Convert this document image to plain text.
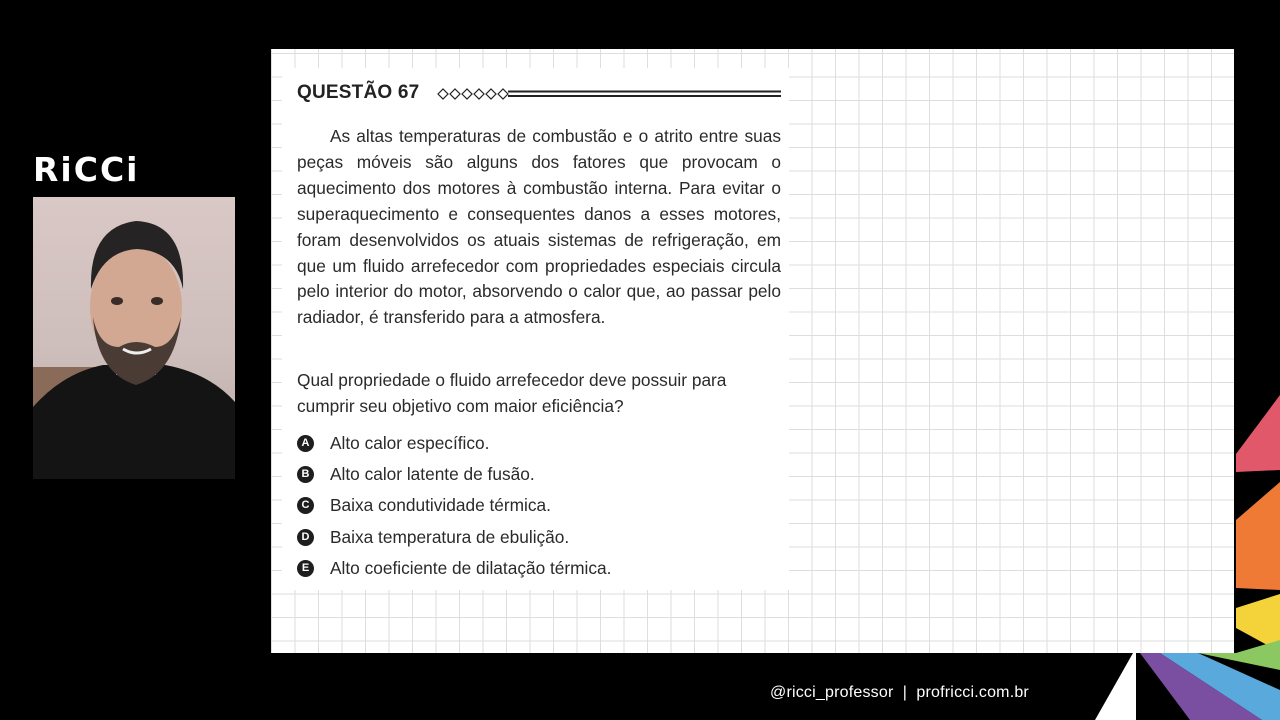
RiCCi
QUESTÃO 67

As altas temperaturas de combustão e o atrito entre suas peças móveis são alguns dos fatores que provocam o aquecimento dos motores à combustão interna. Para evitar o superaquecimento e consequentes danos a esses motores, foram desenvolvidos os atuais sistemas de refrigeração, em que um fluido arrefecedor com propriedades especiais circula pelo interior do motor, absorvendo o calor que, ao passar pelo radiador, é transferido para a atmosfera.

Qual propriedade o fluido arrefecedor deve possuir para cumprir seu objetivo com maior eficiência?

A Alto calor específico.
B Alto calor latente de fusão.
C Baixa condutividade térmica.
D Baixa temperatura de ebulição.
E Alto coeficiente de dilatação térmica.
@ricci_professor  |  profricci.com.br
